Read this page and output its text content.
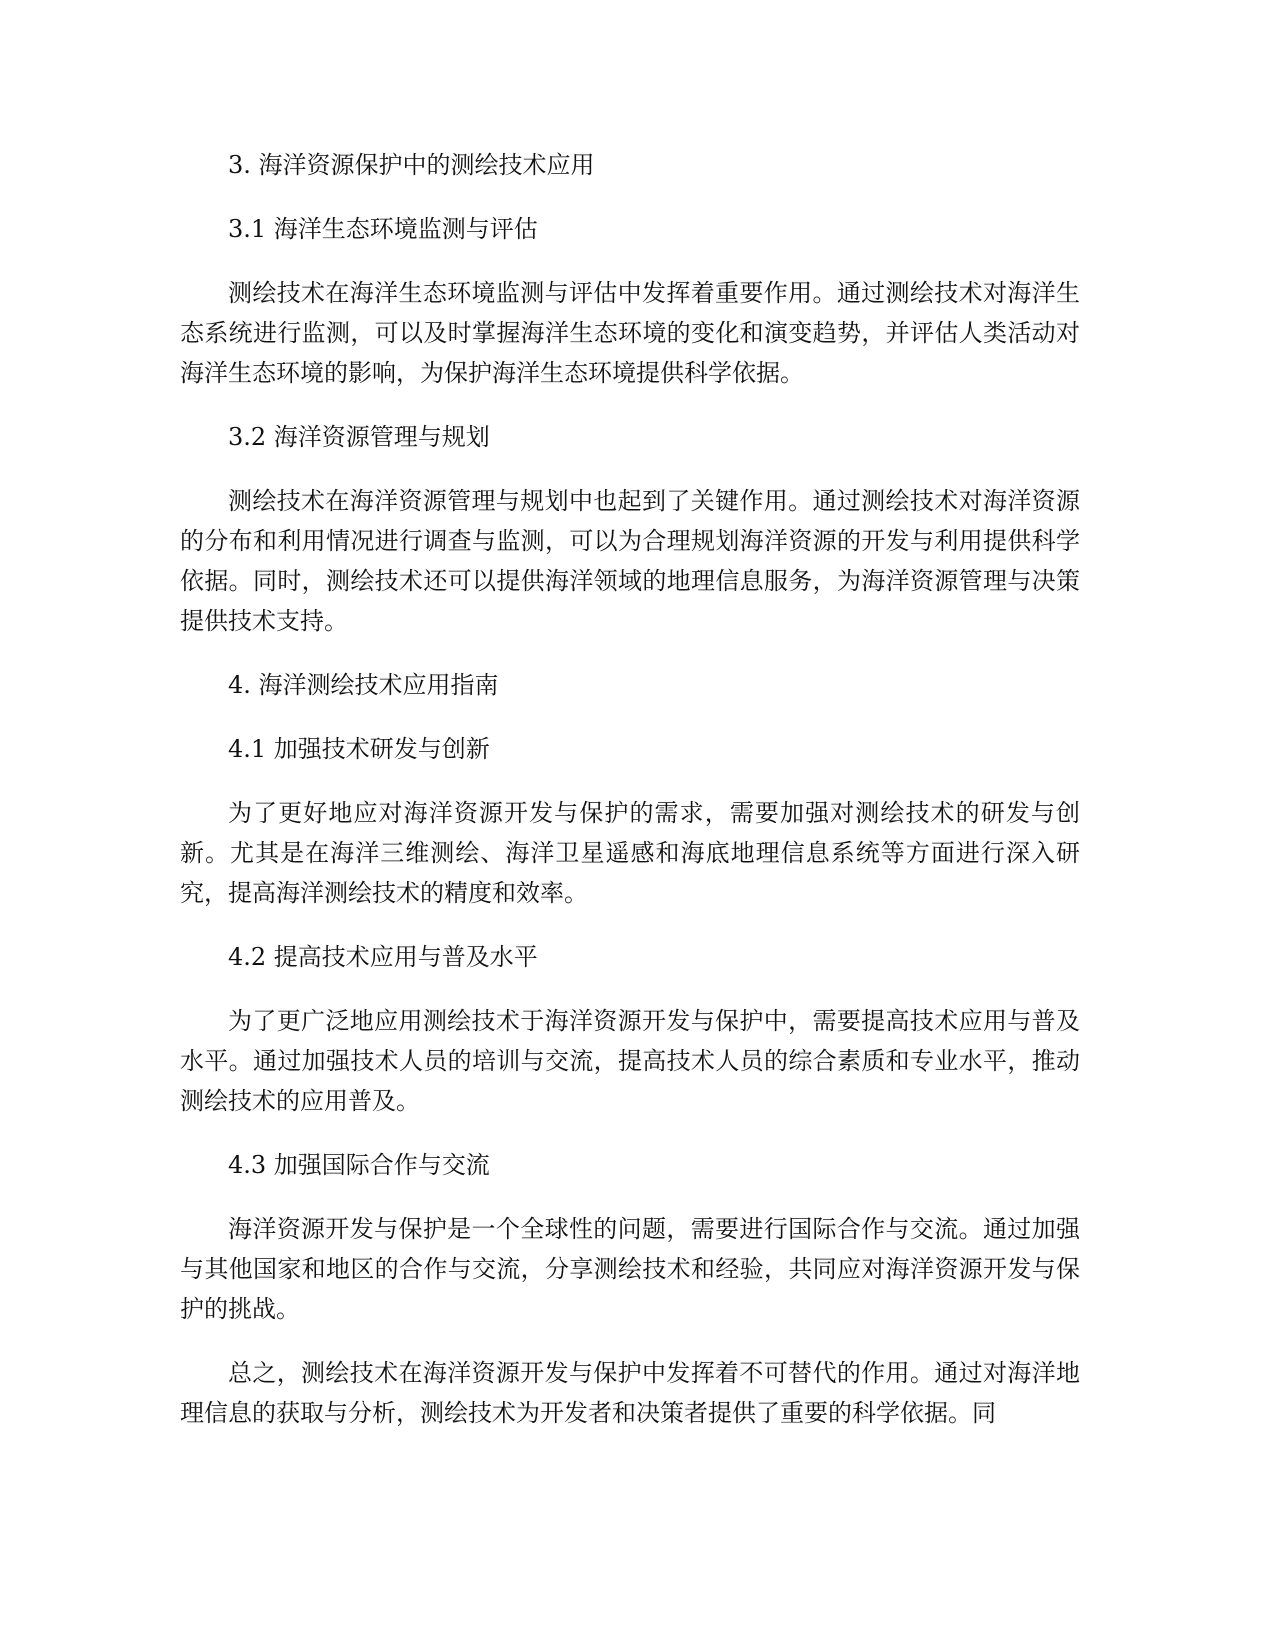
3. 海洋资源保护中的测绘技术应用

3.1 海洋生态环境监测与评估

测绘技术在海洋生态环境监测与评估中发挥着重要作用。通过测绘技术对海洋生态系统进行监测，可以及时掌握海洋生态环境的变化和演变趋势，并评估人类活动对海洋生态环境的影响，为保护海洋生态环境提供科学依据。

3.2 海洋资源管理与规划

测绘技术在海洋资源管理与规划中也起到了关键作用。通过测绘技术对海洋资源的分布和利用情况进行调查与监测，可以为合理规划海洋资源的开发与利用提供科学依据。同时，测绘技术还可以提供海洋领域的地理信息服务，为海洋资源管理与决策提供技术支持。

4. 海洋测绘技术应用指南

4.1 加强技术研发与创新

为了更好地应对海洋资源开发与保护的需求，需要加强对测绘技术的研发与创新。尤其是在海洋三维测绘、海洋卫星遥感和海底地理信息系统等方面进行深入研究，提高海洋测绘技术的精度和效率。

4.2 提高技术应用与普及水平

为了更广泛地应用测绘技术于海洋资源开发与保护中，需要提高技术应用与普及水平。通过加强技术人员的培训与交流，提高技术人员的综合素质和专业水平，推动测绘技术的应用普及。

4.3 加强国际合作与交流

海洋资源开发与保护是一个全球性的问题，需要进行国际合作与交流。通过加强与其他国家和地区的合作与交流，分享测绘技术和经验，共同应对海洋资源开发与保护的挑战。

总之，测绘技术在海洋资源开发与保护中发挥着不可替代的作用。通过对海洋地理信息的获取与分析，测绘技术为开发者和决策者提供了重要的科学依据。同
